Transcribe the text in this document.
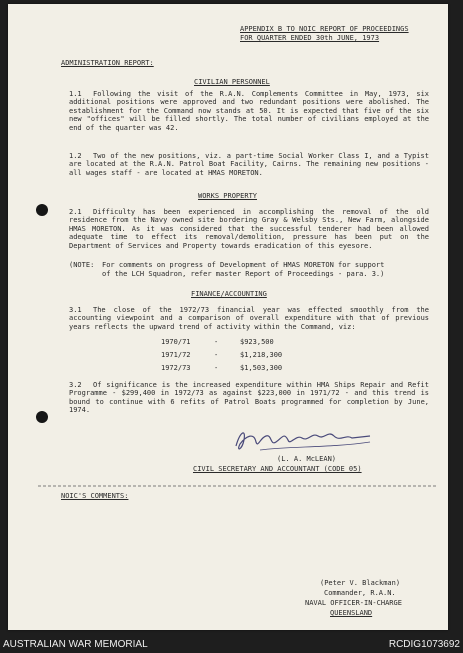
APPENDIX B TO NOIC REPORT OF PROCEEDINGS
FOR QUARTER ENDED 30th JUNE, 1973
ADMINISTRATION REPORT:
CIVILIAN PERSONNEL
1.1 Following the visit of the R.A.N. Complements Committee in May, 1973, six additional positions were approved and two redundant positions were abolished. The establishment for the Command now stands at 50. It is expected that five of the six new "offices" will be filled shortly. The total number of civilians employed at the end of the quarter was 42.
1.2 Two of the new positions, viz. a part-time Social Worker Class I, and a Typist are located at the R.A.N. Patrol Boat Facility, Cairns. The remaining new positions - all wages staff - are located at HMAS MORETON.
WORKS PROPERTY
2.1 Difficulty has been experienced in accomplishing the removal of the old residence from the Navy owned site bordering Gray & Welsby Sts., New Farm, alongside HMAS MORETON. As it was considered that the successful tenderer had been allowed adequate time to effect its removal/demolition, pressure has been put on the Department of Services and Property towards eradication of this eyesore.
(NOTE: For comments on progress of Development of HMAS MORETON for support
of the LCH Squadron, refer master Report of Proceedings - para. 3.)
FINANCE/ACCOUNTING
3.1 The close of the 1972/73 financial year was effected smoothly from the accounting viewpoint and a comparison of overall expenditure with that of previous years reflects the upward trend of activity within the Command, viz:
1970/71	-	$923,500
1971/72	-	$1,218,300
1972/73	-	$1,503,300
3.2 Of significance is the increased expenditure within HMA Ships Repair and Refit Programme - $299,400 in 1972/73 as against $223,000 in 1971/72 - and this trend is bound to continue with 6 refits of Patrol Boats programmed for completion by June, 1974.
(L. A. McLEAN)
CIVIL SECRETARY AND ACCOUNTANT (CODE 05)
NOIC'S COMMENTS:
(Peter V. Blackman)
Commander, R.A.N.
NAVAL OFFICER-IN-CHARGE
QUEENSLAND
AUSTRALIAN WAR MEMORIAL	RCDIG1073692
